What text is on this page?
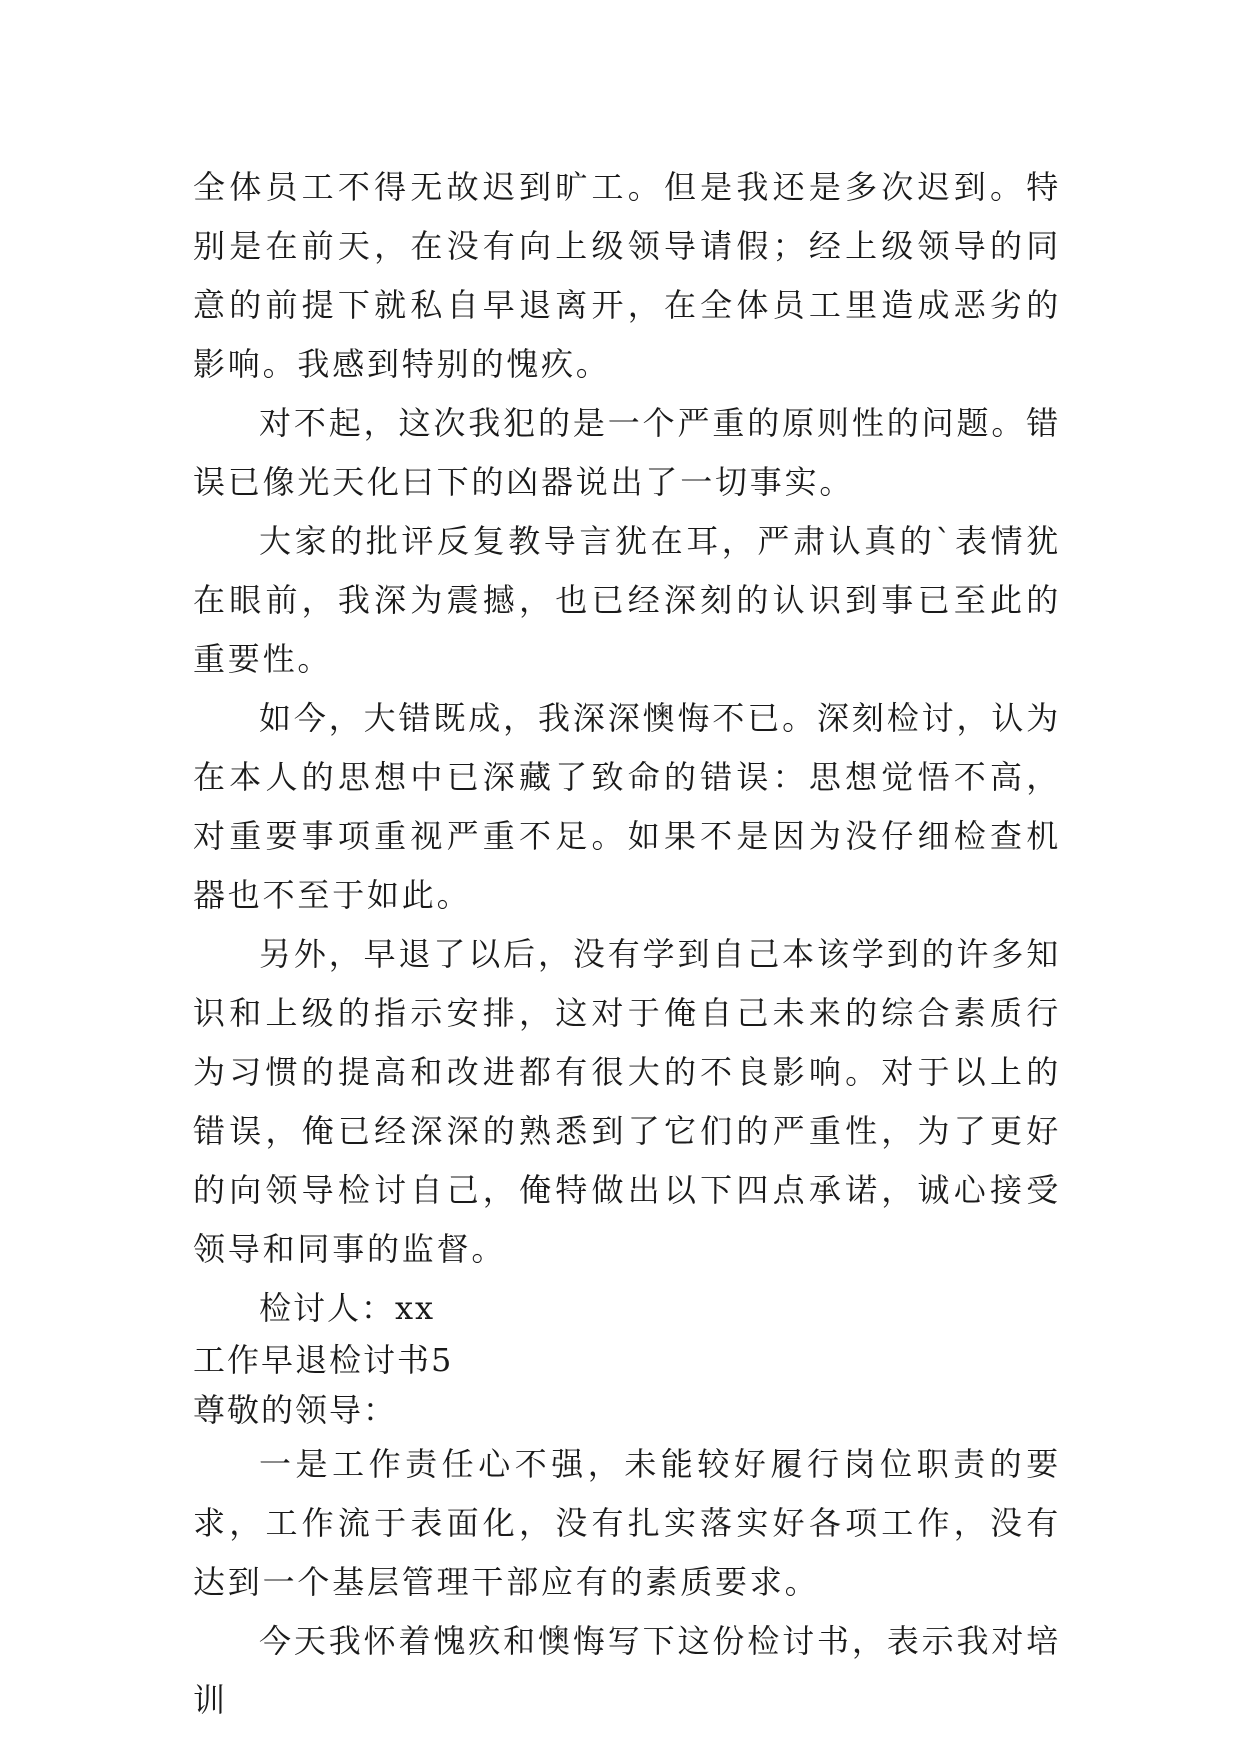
全体员工不得无故迟到旷工。但是我还是多次迟到。特别是在前天，在没有向上级领导请假；经上级领导的同意的前提下就私自早退离开，在全体员工里造成恶劣的影响。我感到特别的愧疚。

对不起，这次我犯的是一个严重的原则性的问题。错误已像光天化曰下的凶器说出了一切事实。

大家的批评反复教导言犹在耳，严肃认真的`表情犹在眼前，我深为震撼，也已经深刻的认识到事已至此的重要性。

如今，大错既成，我深深懊悔不已。深刻检讨，认为在本人的思想中已深藏了致命的错误：思想觉悟不高，对重要事项重视严重不足。如果不是因为没仔细检查机器也不至于如此。

另外，早退了以后，没有学到自己本该学到的许多知识和上级的指示安排，这对于俺自己未来的综合素质行为习惯的提高和改进都有很大的不良影响。对于以上的错误，俺已经深深的熟悉到了它们的严重性，为了更好的向领导检讨自己，俺特做出以下四点承诺，诚心接受领导和同事的监督。

检讨人：xx

工作早退检讨书5

尊敬的领导：

一是工作责任心不强，未能较好履行岗位职责的要求，工作流于表面化，没有扎实落实好各项工作，没有达到一个基层管理干部应有的素质要求。

今天我怀着愧疚和懊悔写下这份检讨书，表示我对培训
